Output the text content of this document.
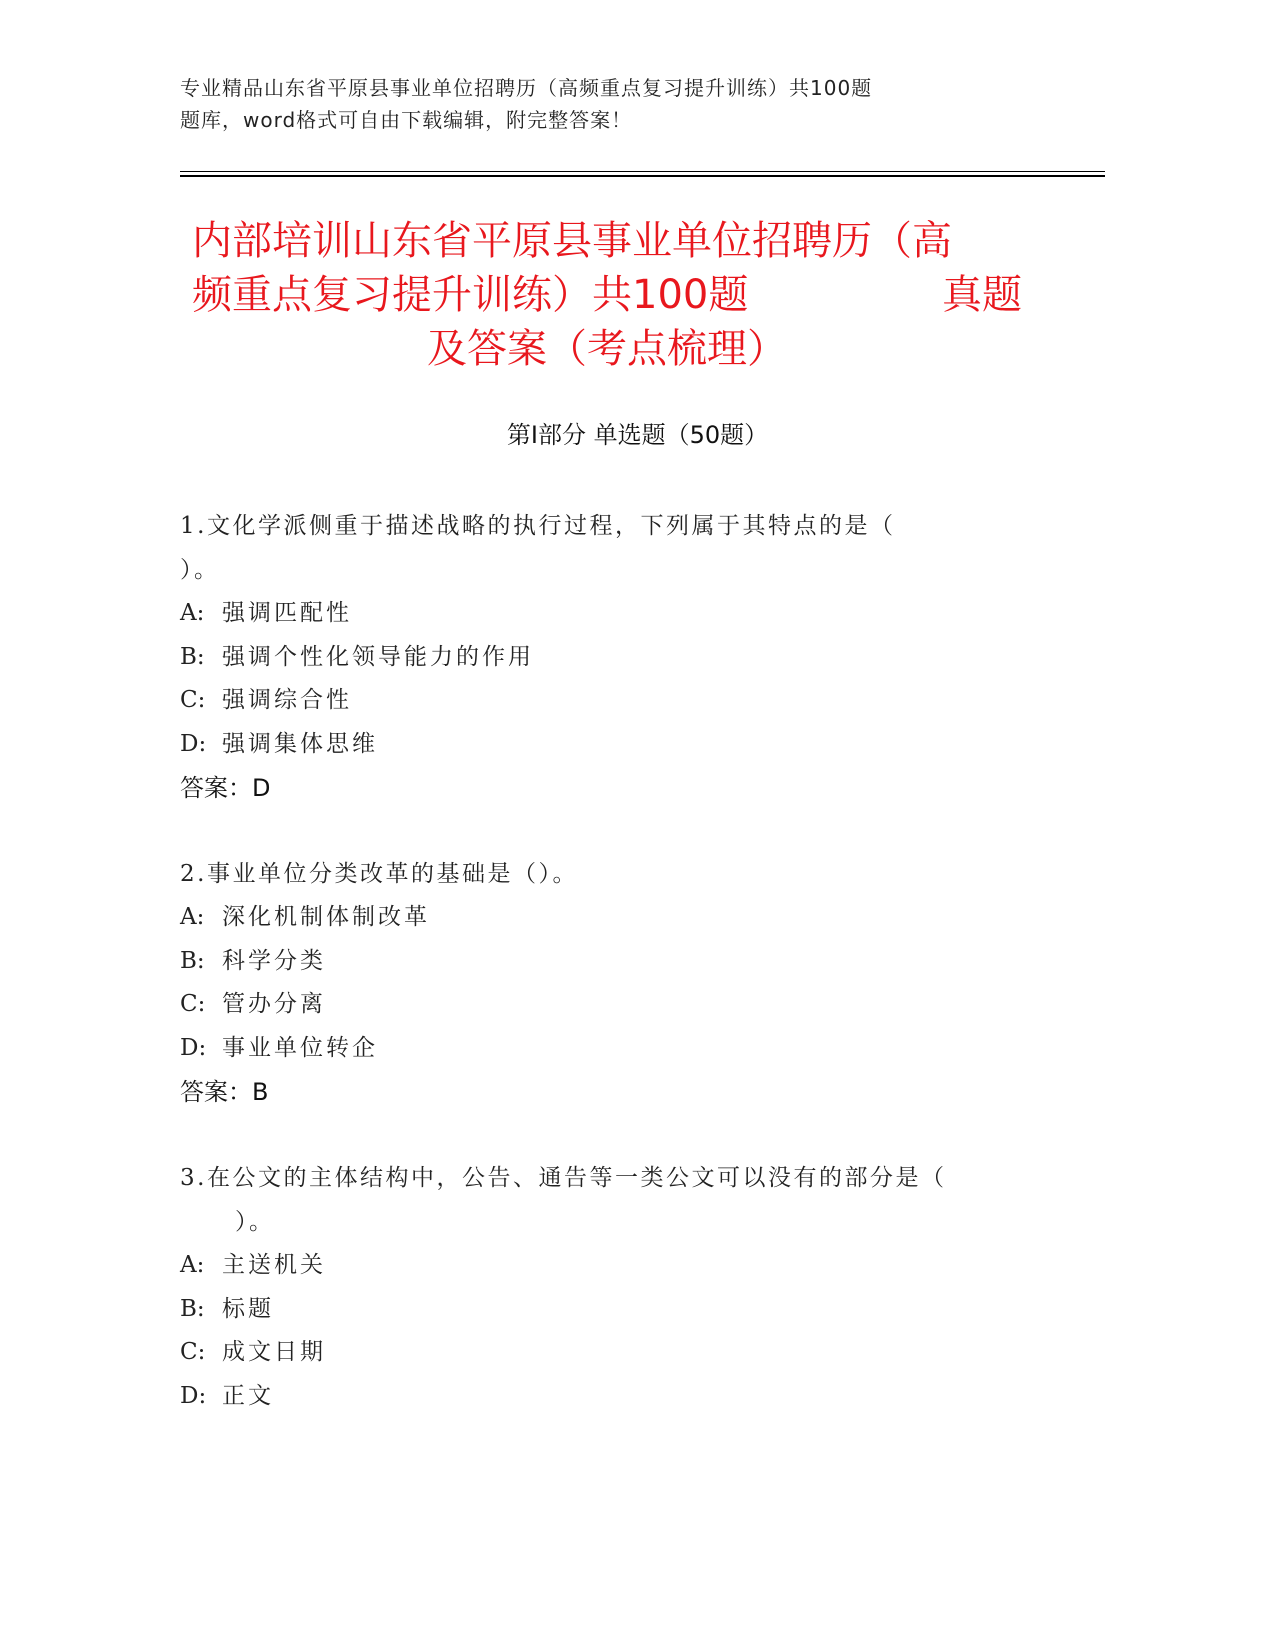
专业精品山东省平原县事业单位招聘历（高频重点复习提升训练）共100题
题库，word格式可自由下载编辑，附完整答案！
内部培训山东省平原县事业单位招聘历（高
频重点复习提升训练）共100题	真题
及答案（考点梳理）
第Ⅰ部分 单选题（50题）
1.文化学派侧重于描述战略的执行过程，下列属于其特点的是（
）。
A: 强调匹配性
B: 强调个性化领导能力的作用
C: 强调综合性
D: 强调集体思维
答案：D
2.事业单位分类改革的基础是（）。
A: 深化机制体制改革
B: 科学分类
C: 管办分离
D: 事业单位转企
答案：B
3.在公文的主体结构中，公告、通告等一类公文可以没有的部分是（
）。
A: 主送机关
B: 标题
C: 成文日期
D: 正文
